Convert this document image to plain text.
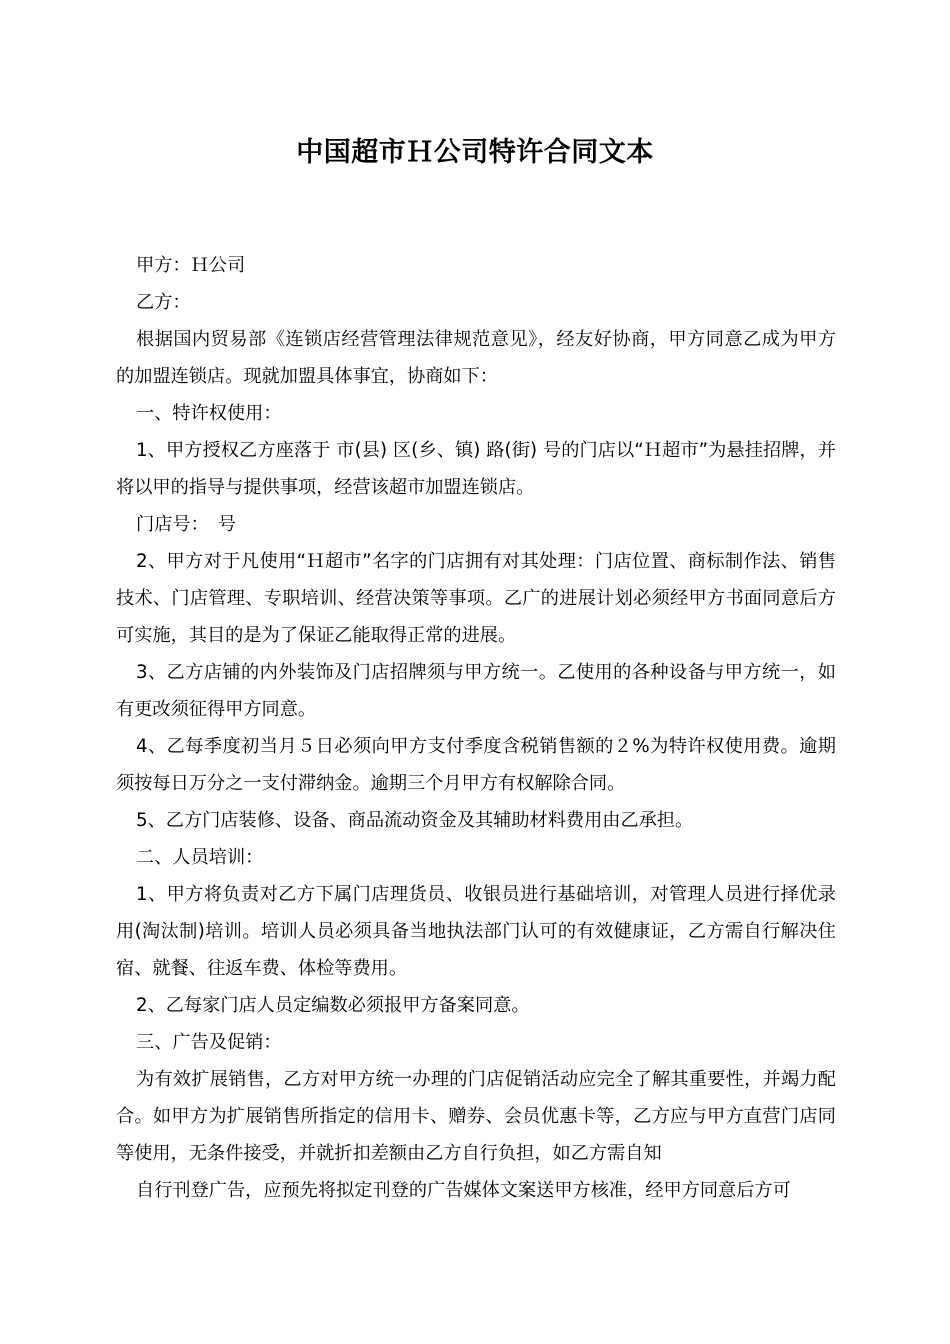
中国超市Ｈ公司特许合同文本

甲方：Ｈ公司

乙方：

根据国内贸易部《连锁店经营管理法律规范意见》，经友好协商，甲方同意乙成为甲方的加盟连锁店。现就加盟具体事宜，协商如下：

一、特许权使用：

1、甲方授权乙方座落于 市(县) 区(乡、镇) 路(街) 号的门店以“Ｈ超市”为悬挂招牌，并将以甲的指导与提供事项，经营该超市加盟连锁店。

门店号：　号

2、甲方对于凡使用“Ｈ超市”名字的门店拥有对其处理：门店位置、商标制作法、销售技术、门店管理、专职培训、经营决策等事项。乙广的进展计划必须经甲方书面同意后方可实施，其目的是为了保证乙能取得正常的进展。

3、乙方店铺的内外装饰及门店招牌须与甲方统一。乙使用的各种设备与甲方统一，如有更改须征得甲方同意。

4、乙每季度初当月５日必须向甲方支付季度含税销售额的２%为特许权使用费。逾期须按每日万分之一支付滞纳金。逾期三个月甲方有权解除合同。

5、乙方门店装修、设备、商品流动资金及其辅助材料费用由乙承担。

二、人员培训：

1、甲方将负责对乙方下属门店理货员、收银员进行基础培训，对管理人员进行择优录用(淘汰制)培训。培训人员必须具备当地执法部门认可的有效健康证，乙方需自行解决住宿、就餐、往返车费、体检等费用。

2、乙每家门店人员定编数必须报甲方备案同意。

三、广告及促销：

为有效扩展销售，乙方对甲方统一办理的门店促销活动应完全了解其重要性，并竭力配合。如甲方为扩展销售所指定的信用卡、赠券、会员优惠卡等，乙方应与甲方直营门店同等使用，无条件接受，并就折扣差额由乙方自行负担，如乙方需自知

自行刊登广告，应预先将拟定刊登的广告媒体文案送甲方核准，经甲方同意后方可
